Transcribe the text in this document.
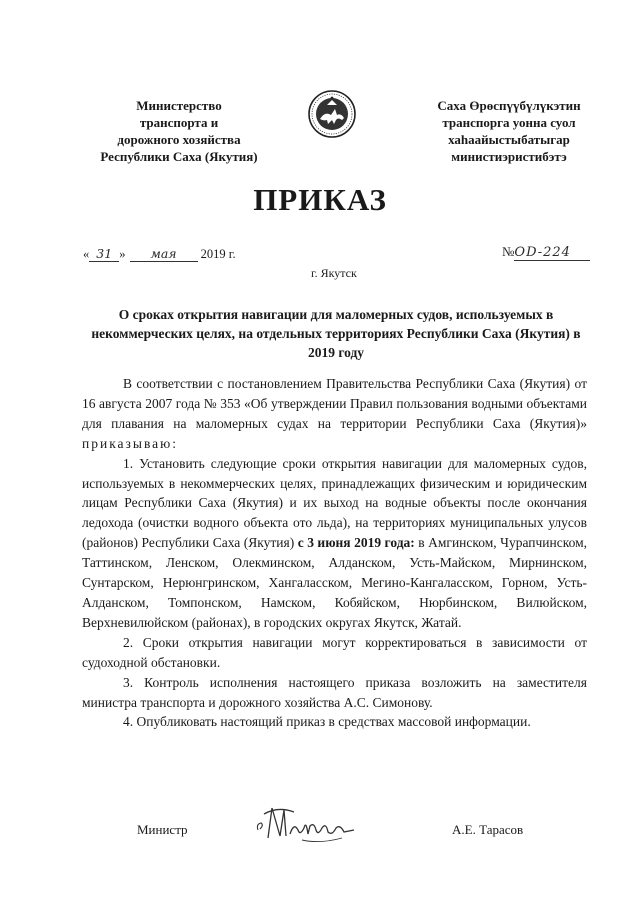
Министерство
транспорта и
дорожного хозяйства
Республики Саха (Якутия)
Саха Өрөспүүбүлүкэтин
транспорга уонна суол
хаһаайыстыбатыгар
министиэристибэтэ
ПРИКАЗ
« 31 » мая 2019 г.	№OD-224
г. Якутск
О сроках открытия навигации для маломерных судов, используемых в некоммерческих целях, на отдельных территориях Республики Саха (Якутия) в 2019 году

В соответствии с постановлением Правительства Республики Саха (Якутия) от 16 августа 2007 года № 353 «Об утверждении Правил пользования водными объектами для плавания на маломерных судах на территории Республики Саха (Якутия)» приказываю:

1. Установить следующие сроки открытия навигации для маломерных судов, используемых в некоммерческих целях, принадлежащих физическим и юридическим лицам Республики Саха (Якутия) и их выход на водные объекты после окончания ледохода (очистки водного объекта ото льда), на территориях муниципальных улусов (районов) Республики Саха (Якутия) с 3 июня 2019 года: в Амгинском, Чурапчинском, Таттинском, Ленском, Олекминском, Алданском, Усть-Майском, Мирнинском, Сунтарском, Нерюнгринском, Хангаласском, Мегино-Кангаласском, Горном, Усть-Алданском, Томпонском, Намском, Кобяйском, Нюрбинском, Вилюйском, Верхневилюйском (районах), в городских округах Якутск, Жатай.

2. Сроки открытия навигации могут корректироваться в зависимости от судоходной обстановки.

3. Контроль исполнения настоящего приказа возложить на заместителя министра транспорта и дорожного хозяйства А.С. Симонову.

4. Опубликовать настоящий приказ в средствах массовой информации.

Министр	А.Е. Тарасов
